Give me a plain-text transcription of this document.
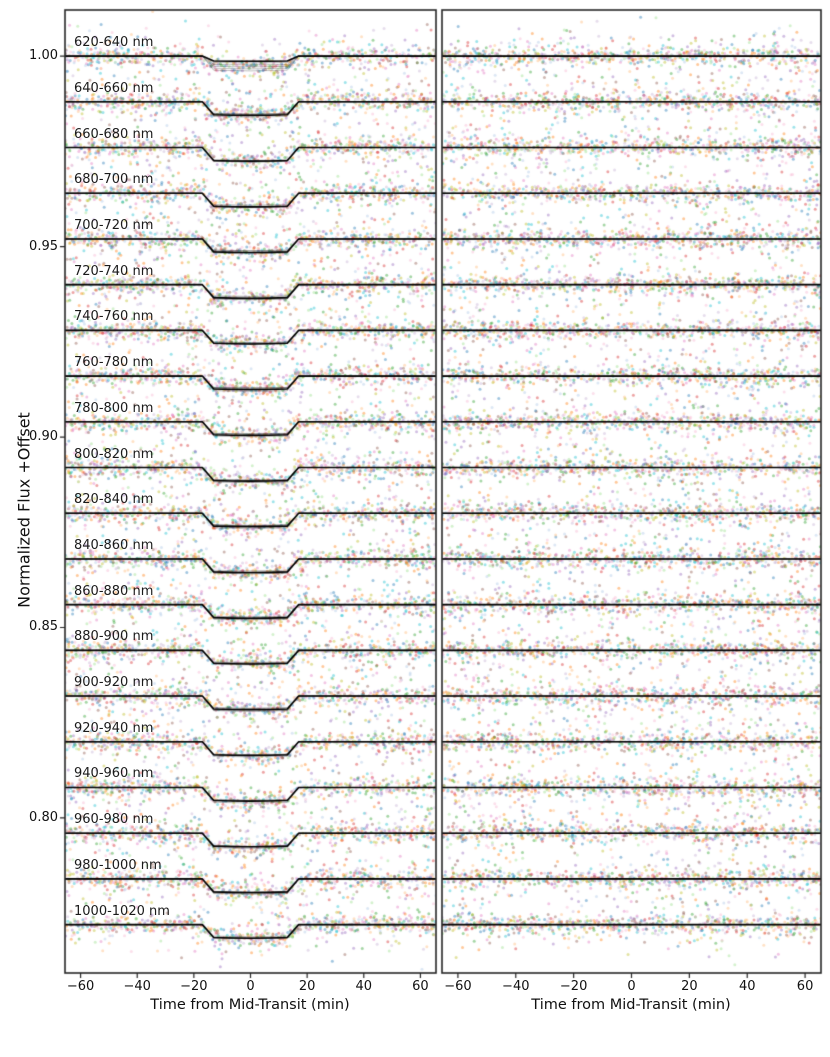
Normalized Flux +Offset
Time from Mid-Transit (min)	Time from Mid-Transit (min)
1.00
0.95
0.90
0.85
0.80
−60 −40 −20	0	20	40	60 −60 −40 −20	0	20	40	60
620-640 nm
640-660 nm
660-680 nm
680-700 nm
700-720 nm
720-740 nm
740-760 nm
760-780 nm
780-800 nm
800-820 nm
820-840 nm
840-860 nm
860-880 nm
880-900 nm
900-920 nm
920-940 nm
940-960 nm
960-980 nm
980-1000 nm
1000-1020 nm
